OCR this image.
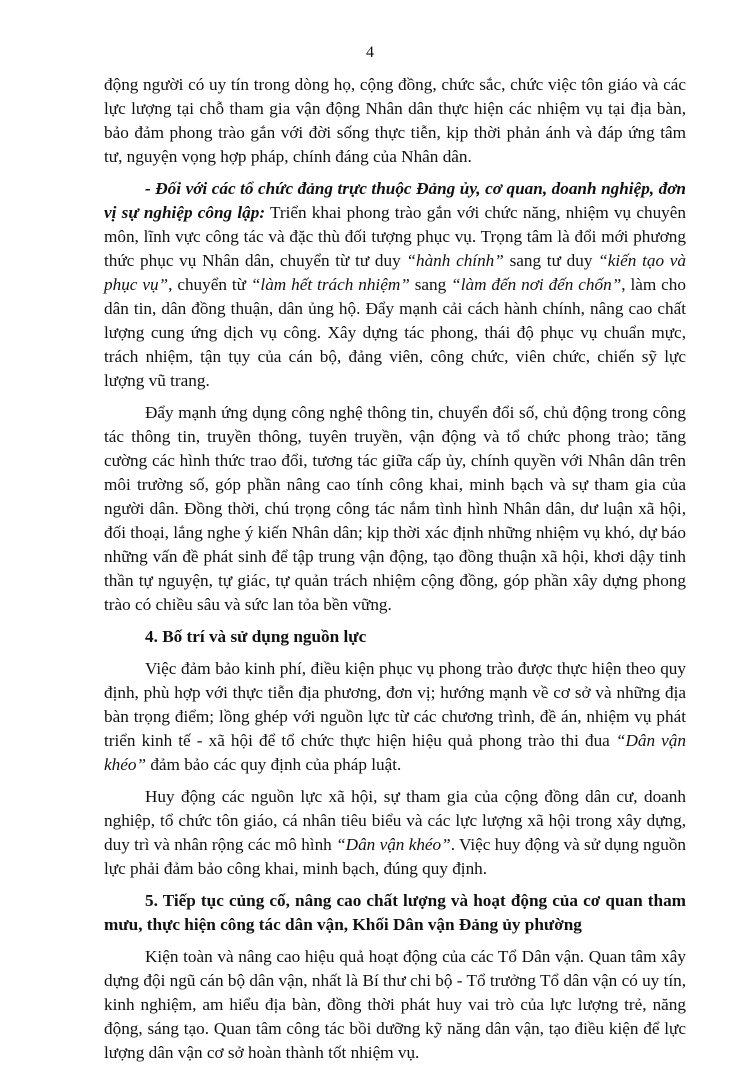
4

động người có uy tín trong dòng họ, cộng đồng, chức sắc, chức việc tôn giáo và các lực lượng tại chỗ tham gia vận động Nhân dân thực hiện các nhiệm vụ tại địa bàn, bảo đảm phong trào gắn với đời sống thực tiễn, kịp thời phản ánh và đáp ứng tâm tư, nguyện vọng hợp pháp, chính đáng của Nhân dân.

- Đối với các tổ chức đảng trực thuộc Đảng ủy, cơ quan, doanh nghiệp, đơn vị sự nghiệp công lập: Triển khai phong trào gắn với chức năng, nhiệm vụ chuyên môn, lĩnh vực công tác và đặc thù đối tượng phục vụ. Trọng tâm là đổi mới phương thức phục vụ Nhân dân, chuyển từ tư duy “hành chính” sang tư duy “kiến tạo và phục vụ”, chuyển từ “làm hết trách nhiệm” sang “làm đến nơi đến chốn”, làm cho dân tin, dân đồng thuận, dân ủng hộ. Đẩy mạnh cải cách hành chính, nâng cao chất lượng cung ứng dịch vụ công. Xây dựng tác phong, thái độ phục vụ chuẩn mực, trách nhiệm, tận tụy của cán bộ, đảng viên, công chức, viên chức, chiến sỹ lực lượng vũ trang.

Đẩy mạnh ứng dụng công nghệ thông tin, chuyển đổi số, chủ động trong công tác thông tin, truyền thông, tuyên truyền, vận động và tổ chức phong trào; tăng cường các hình thức trao đổi, tương tác giữa cấp ủy, chính quyền với Nhân dân trên môi trường số, góp phần nâng cao tính công khai, minh bạch và sự tham gia của người dân. Đồng thời, chú trọng công tác nắm tình hình Nhân dân, dư luận xã hội, đối thoại, lắng nghe ý kiến Nhân dân; kịp thời xác định những nhiệm vụ khó, dự báo những vấn đề phát sinh để tập trung vận động, tạo đồng thuận xã hội, khơi dậy tinh thần tự nguyện, tự giác, tự quản trách nhiệm cộng đồng, góp phần xây dựng phong trào có chiều sâu và sức lan tỏa bền vững.

4. Bố trí và sử dụng nguồn lực

Việc đảm bảo kinh phí, điều kiện phục vụ phong trào được thực hiện theo quy định, phù hợp với thực tiễn địa phương, đơn vị; hướng mạnh về cơ sở và những địa bàn trọng điểm; lồng ghép với nguồn lực từ các chương trình, đề án, nhiệm vụ phát triển kinh tế - xã hội để tổ chức thực hiện hiệu quả phong trào thi đua “Dân vận khéo” đảm bảo các quy định của pháp luật.

Huy động các nguồn lực xã hội, sự tham gia của cộng đồng dân cư, doanh nghiệp, tổ chức tôn giáo, cá nhân tiêu biểu và các lực lượng xã hội trong xây dựng, duy trì và nhân rộng các mô hình “Dân vận khéo”. Việc huy động và sử dụng nguồn lực phải đảm bảo công khai, minh bạch, đúng quy định.

5. Tiếp tục củng cố, nâng cao chất lượng và hoạt động của cơ quan tham mưu, thực hiện công tác dân vận, Khối Dân vận Đảng ủy phường

Kiện toàn và nâng cao hiệu quả hoạt động của các Tổ Dân vận. Quan tâm xây dựng đội ngũ cán bộ dân vận, nhất là Bí thư chi bộ - Tổ trưởng Tổ dân vận có uy tín, kinh nghiệm, am hiểu địa bàn, đồng thời phát huy vai trò của lực lượng trẻ, năng động, sáng tạo. Quan tâm công tác bồi dưỡng kỹ năng dân vận, tạo điều kiện để lực lượng dân vận cơ sở hoàn thành tốt nhiệm vụ.
